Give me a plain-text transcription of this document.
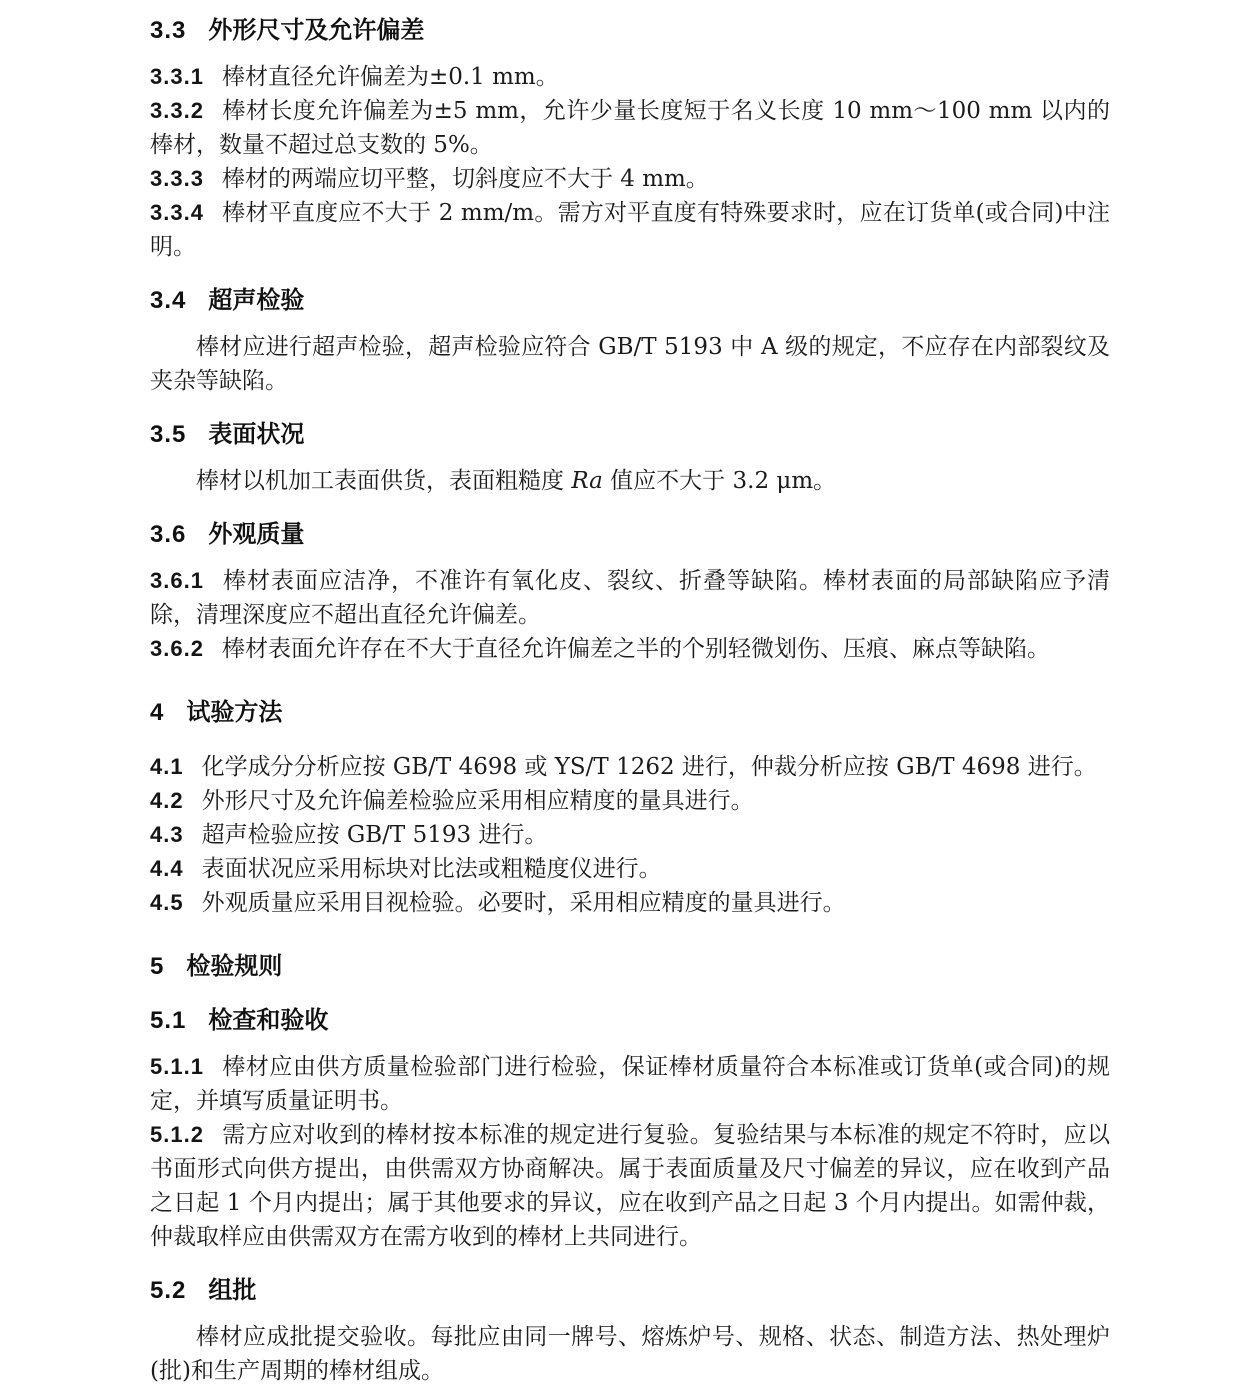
3.3 外形尺寸及允许偏差

3.3.1 棒材直径允许偏差为±0.1 mm。

3.3.2 棒材长度允许偏差为±5 mm，允许少量长度短于名义长度 10 mm～100 mm 以内的棒材，数量不超过总支数的 5%。

3.3.3 棒材的两端应切平整，切斜度应不大于 4 mm。

3.3.4 棒材平直度应不大于 2 mm/m。需方对平直度有特殊要求时，应在订货单(或合同)中注明。

3.4 超声检验

棒材应进行超声检验，超声检验应符合 GB/T 5193 中 A 级的规定，不应存在内部裂纹及夹杂等缺陷。

3.5 表面状况

棒材以机加工表面供货，表面粗糙度 Ra 值应不大于 3.2 μm。

3.6 外观质量

3.6.1 棒材表面应洁净，不准许有氧化皮、裂纹、折叠等缺陷。棒材表面的局部缺陷应予清除，清理深度应不超出直径允许偏差。

3.6.2 棒材表面允许存在不大于直径允许偏差之半的个别轻微划伤、压痕、麻点等缺陷。

4 试验方法

4.1 化学成分分析应按 GB/T 4698 或 YS/T 1262 进行，仲裁分析应按 GB/T 4698 进行。

4.2 外形尺寸及允许偏差检验应采用相应精度的量具进行。

4.3 超声检验应按 GB/T 5193 进行。

4.4 表面状况应采用标块对比法或粗糙度仪进行。

4.5 外观质量应采用目视检验。必要时，采用相应精度的量具进行。

5 检验规则
5.1 检查和验收

5.1.1 棒材应由供方质量检验部门进行检验，保证棒材质量符合本标准或订货单(或合同)的规定，并填写质量证明书。

5.1.2 需方应对收到的棒材按本标准的规定进行复验。复验结果与本标准的规定不符时，应以书面形式向供方提出，由供需双方协商解决。属于表面质量及尺寸偏差的异议，应在收到产品之日起 1 个月内提出；属于其他要求的异议，应在收到产品之日起 3 个月内提出。如需仲裁，仲裁取样应由供需双方在需方收到的棒材上共同进行。

5.2 组批

棒材应成批提交验收。每批应由同一牌号、熔炼炉号、规格、状态、制造方法、热处理炉(批)和生产周期的棒材组成。
